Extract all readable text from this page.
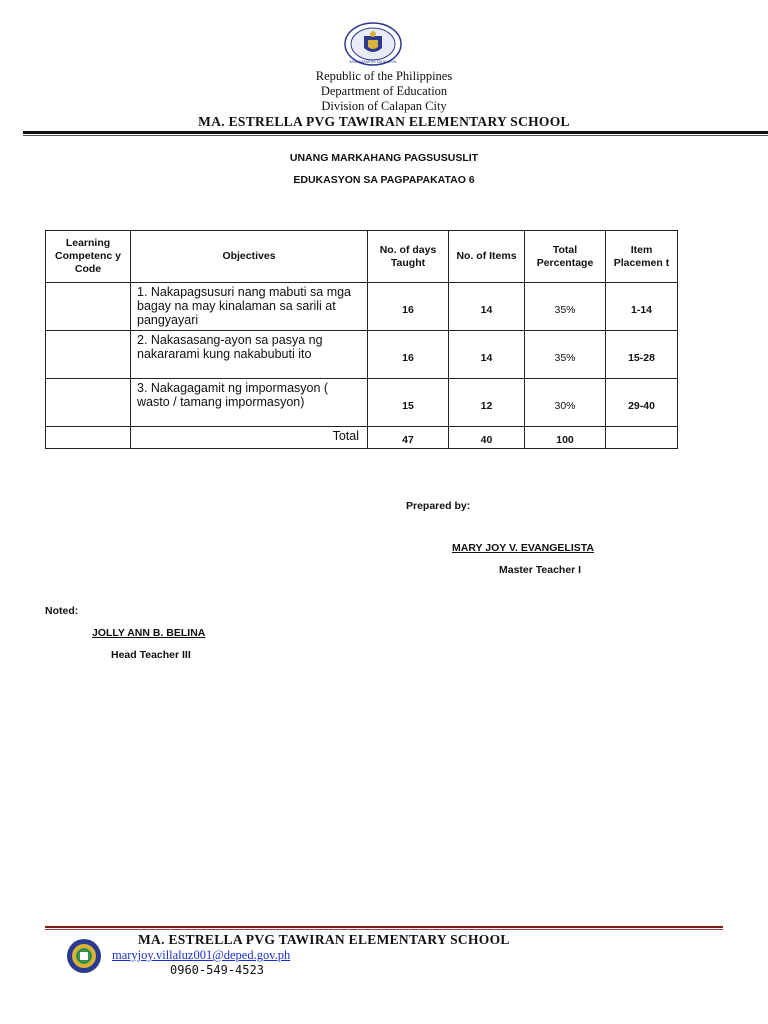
KAGAWARAN NG EDUKASYON
Republic of the Philippines
Department of Education
Division of Calapan City
MA. ESTRELLA PVG TAWIRAN ELEMENTARY SCHOOL
UNANG MARKAHANG PAGSUSUSLIT
EDUKASYON SA PAGPAPAKATAO 6
Learning Competenc y Code	Objectives	No. of days Taught	No. of Items	Total Percentage	Item Placemen t

	1. Nakapagsusuri nang mabuti sa mga bagay na may kinalaman sa sarili at pangyayari	16	14	35%	1-14

	2. Nakasasang-ayon sa pasya ng nakararami kung nakabubuti ito	16	14	35%	15-28

	3. Nakagagamit ng impormasyon ( wasto / tamang impormasyon)	15	12	30%	29-40
	Total	47	40	100	
Prepared by:
MARY JOY V. EVANGELISTA
Master Teacher I
Noted:
JOLLY ANN B. BELINA
Head Teacher III
MA. ESTRELLA PVG TAWIRAN ELEMENTARY SCHOOL
maryjoy.villaluz001@deped.gov.ph
0960-549-4523
